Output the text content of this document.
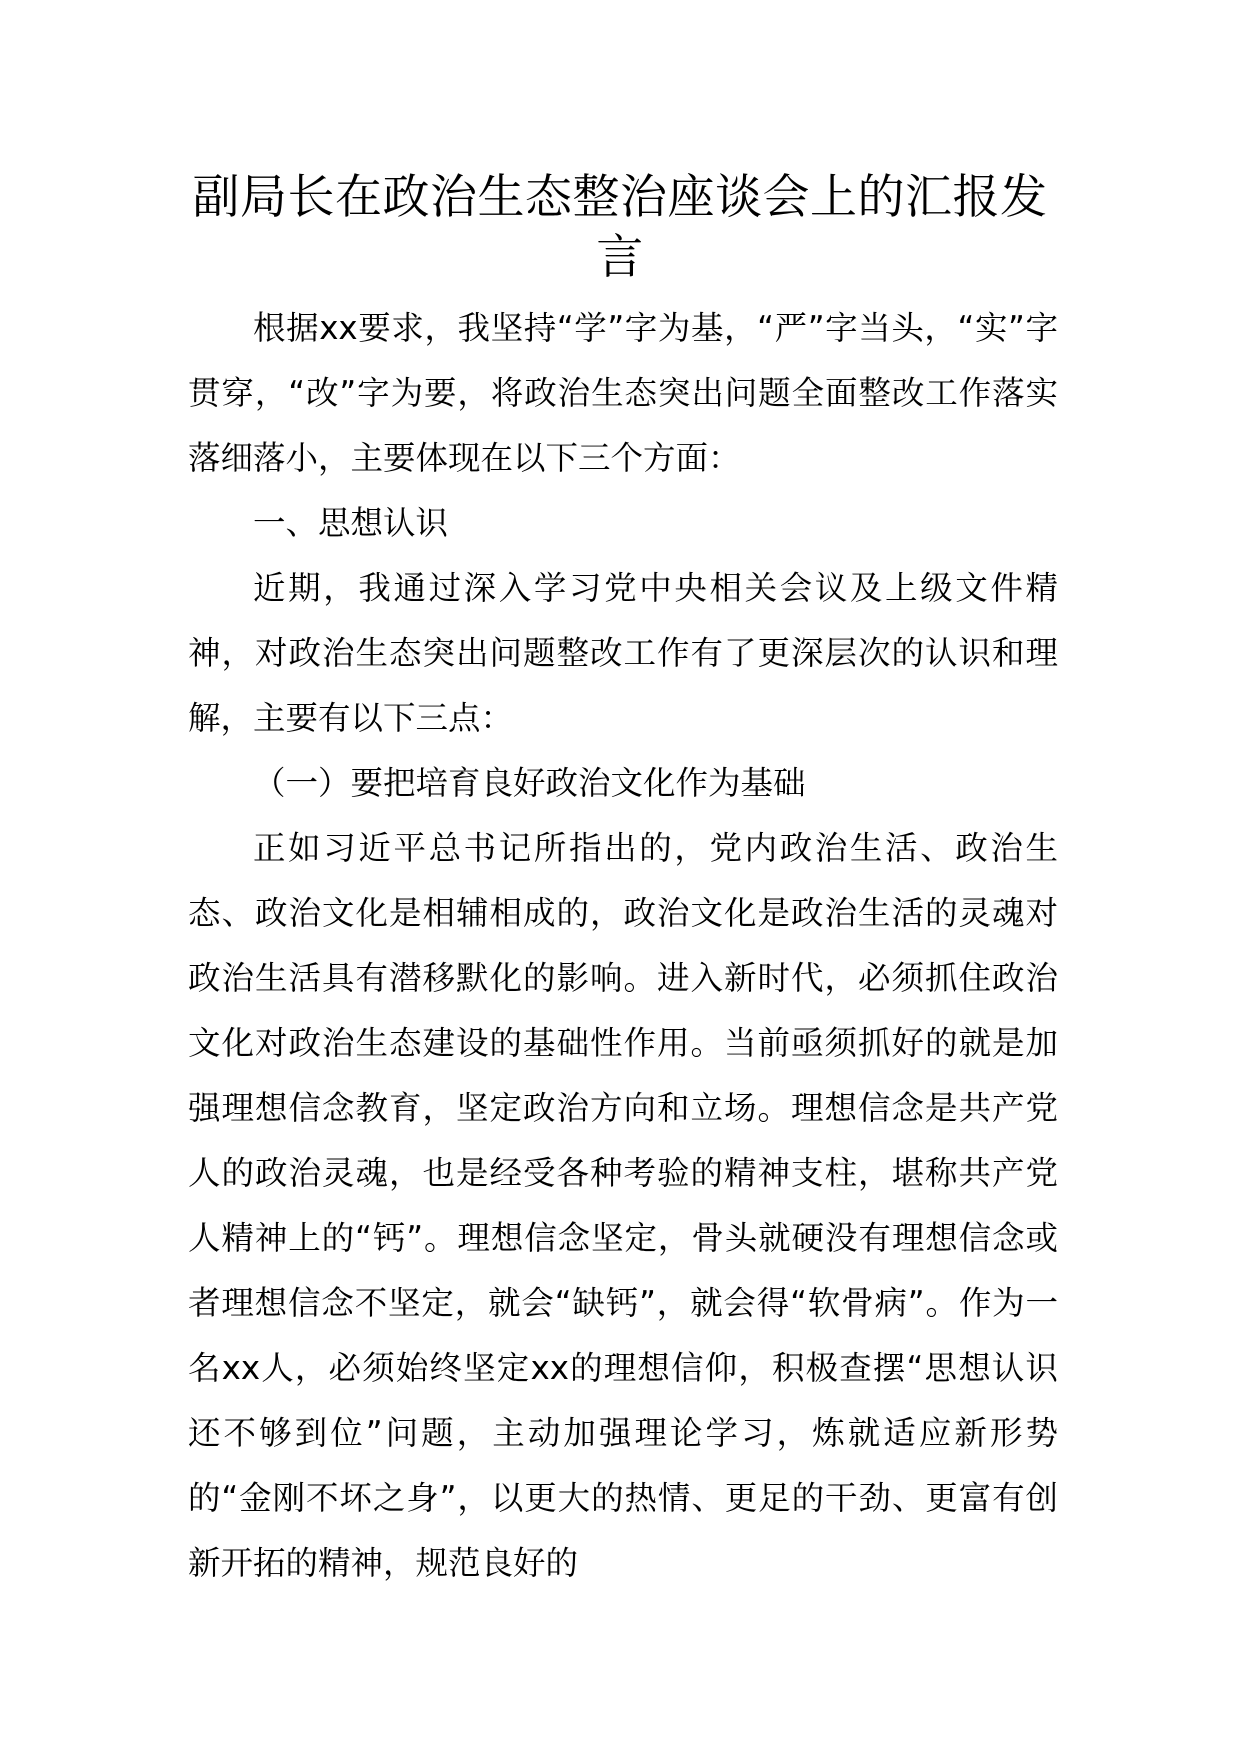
副局长在政治生态整治座谈会上的汇报发言

根据xx要求，我坚持“学”字为基，“严”字当头，“实”字贯穿，“改”字为要，将政治生态突出问题全面整改工作落实落细落小，主要体现在以下三个方面：

一、思想认识

近期，我通过深入学习党中央相关会议及上级文件精神，对政治生态突出问题整改工作有了更深层次的认识和理解，主要有以下三点：

（一）要把培育良好政治文化作为基础

正如习近平总书记所指出的，党内政治生活、政治生态、政治文化是相辅相成的，政治文化是政治生活的灵魂对政治生活具有潜移默化的影响。进入新时代，必须抓住政治文化对政治生态建设的基础性作用。当前亟须抓好的就是加强理想信念教育，坚定政治方向和立场。理想信念是共产党人的政治灵魂，也是经受各种考验的精神支柱，堪称共产党人精神上的“钙”。理想信念坚定，骨头就硬没有理想信念或者理想信念不坚定，就会“缺钙”，就会得“软骨病”。作为一名xx人，必须始终坚定xx的理想信仰，积极查摆“思想认识还不够到位”问题，主动加强理论学习，炼就适应新形势的“金刚不坏之身”，以更大的热情、更足的干劲、更富有创新开拓的精神，规范良好的
